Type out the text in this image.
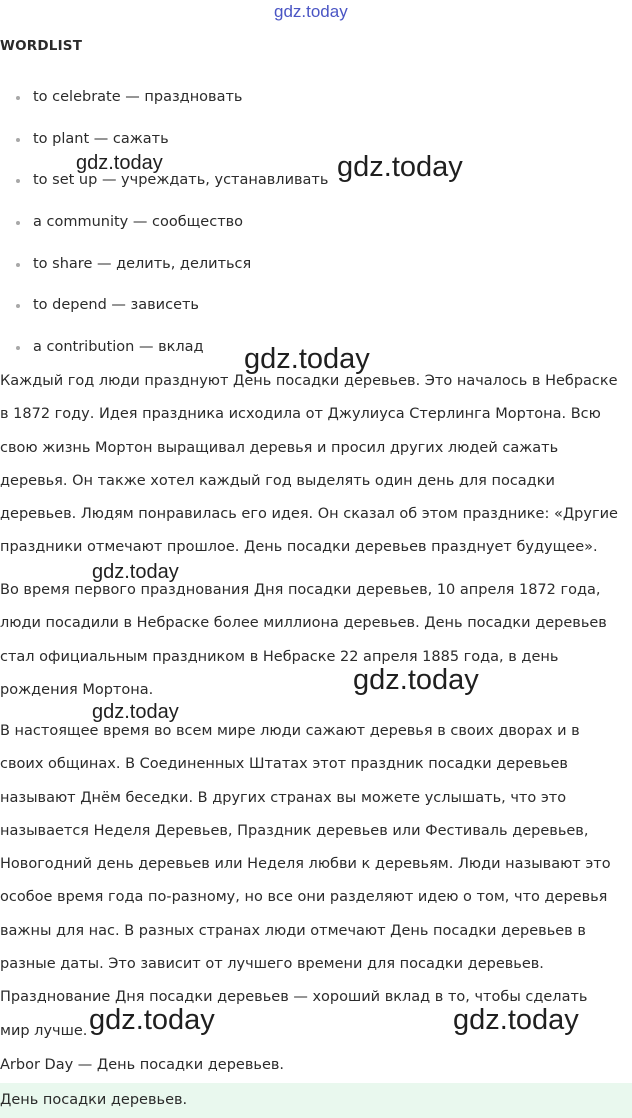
gdz.today
WORDLIST
to celebrate — праздновать
to plant — сажать
to set up — учреждать, устанавливать
a community — сообщество
to share — делить, делиться
to depend — зависеть
a contribution — вклад

Каждый год люди празднуют День посадки деревьев. Это началось в Небраске
в 1872 году. Идея праздника исходила от Джулиуса Стерлинга Мортона. Всю
свою жизнь Мортон выращивал деревья и просил других людей сажать
деревья. Он также хотел каждый год выделять один день для посадки
деревьев. Людям понравилась его идея. Он сказал об этом празднике: «Другие
праздники отмечают прошлое. День посадки деревьев празднует будущее».

Во время первого празднования Дня посадки деревьев, 10 апреля 1872 года,
люди посадили в Небраске более миллиона деревьев. День посадки деревьев
стал официальным праздником в Небраске 22 апреля 1885 года, в день
рождения Мортона.

В настоящее время во всем мире люди сажают деревья в своих дворах и в
своих общинах. В Соединенных Штатах этот праздник посадки деревьев
называют Днём беседки. В других странах вы можете услышать, что это
называется Неделя Деревьев, Праздник деревьев или Фестиваль деревьев,
Новогодний день деревьев или Неделя любви к деревьям. Люди называют это
особое время года по-разному, но все они разделяют идею о том, что деревья
важны для нас. В разных странах люди отмечают День посадки деревьев в
разные даты. Это зависит от лучшего времени для посадки деревьев.
Празднование Дня посадки деревьев — хороший вклад в то, чтобы сделать
мир лучше.

Arbor Day — День посадки деревьев.
День посадки деревьев.
gdz.today	gdz.today
gdz.today
gdz.today
gdz.today
gdz.today
gdz.today	gdz.today
